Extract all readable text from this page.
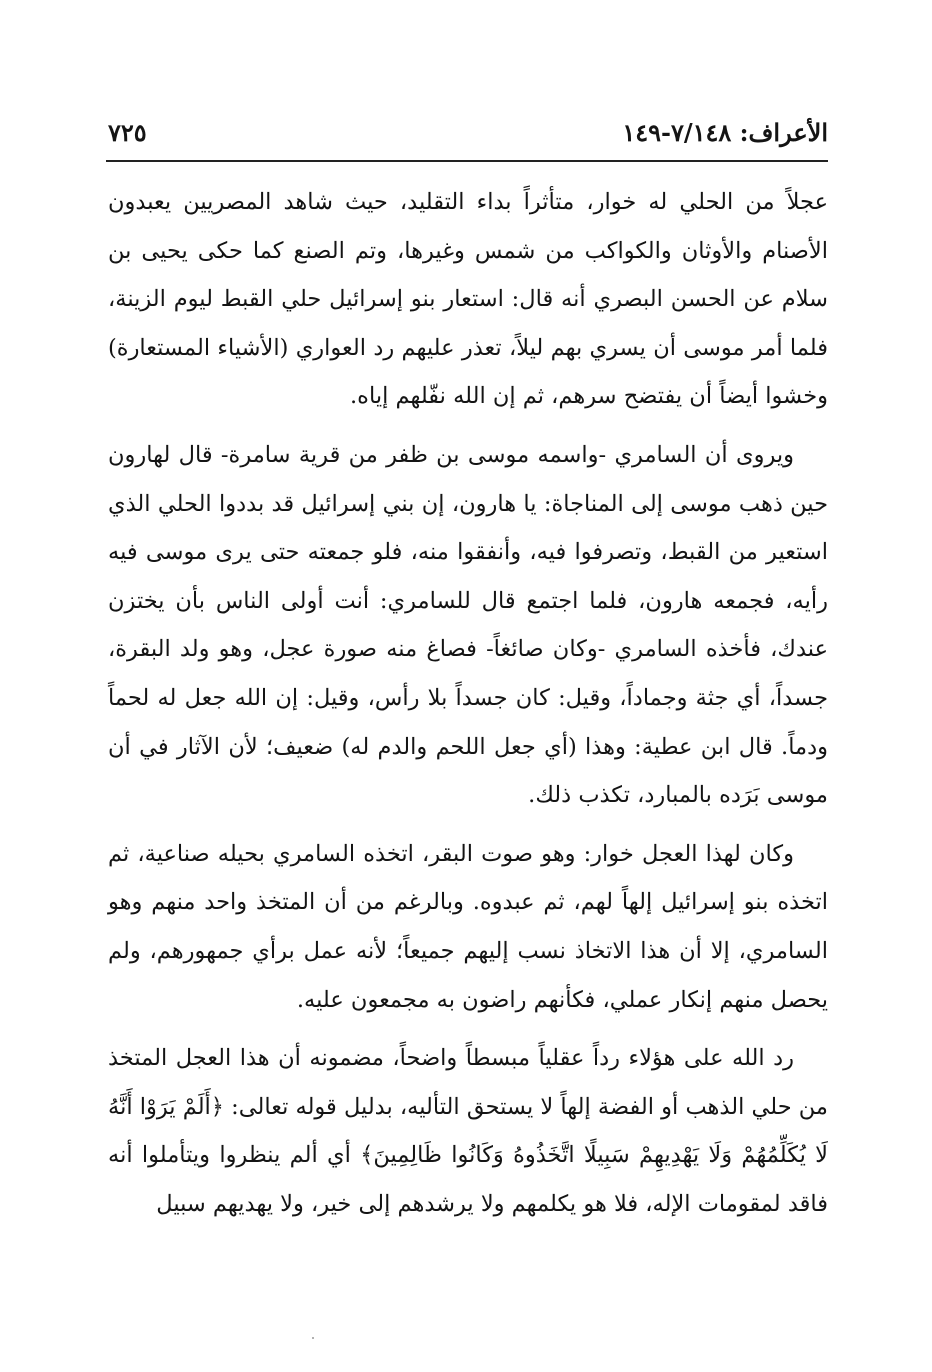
الأعراف: ٧/١٤٨-١٤٩
٧٢٥

عجلاً من الحلي له خوار، متأثراً بداء التقليد، حيث شاهد المصريين يعبدون الأصنام والأوثان والكواكب من شمس وغيرها، وتم الصنع كما حكى يحيى بن سلام عن الحسن البصري أنه قال: استعار بنو إسرائيل حلي القبط ليوم الزينة، فلما أمر موسى أن يسري بهم ليلاً، تعذر عليهم رد العواري (الأشياء المستعارة) وخشوا أيضاً أن يفتضح سرهم، ثم إن الله نفّلهم إياه.

ويروى أن السامري -واسمه موسى بن ظفر من قرية سامرة- قال لهارون حين ذهب موسى إلى المناجاة: يا هارون، إن بني إسرائيل قد بددوا الحلي الذي استعير من القبط، وتصرفوا فيه، وأنفقوا منه، فلو جمعته حتى يرى موسى فيه رأيه، فجمعه هارون، فلما اجتمع قال للسامري: أنت أولى الناس بأن يختزن عندك، فأخذه السامري -وكان صائغاً- فصاغ منه صورة عجل، وهو ولد البقرة، جسداً، أي جثة وجماداً، وقيل: كان جسداً بلا رأس، وقيل: إن الله جعل له لحماً ودماً. قال ابن عطية: وهذا (أي جعل اللحم والدم له) ضعيف؛ لأن الآثار في أن موسى بَرَده بالمبارد، تكذب ذلك.

وكان لهذا العجل خوار: وهو صوت البقر، اتخذه السامري بحيله صناعية، ثم اتخذه بنو إسرائيل إلهاً لهم، ثم عبدوه. وبالرغم من أن المتخذ واحد منهم وهو السامري، إلا أن هذا الاتخاذ نسب إليهم جميعاً؛ لأنه عمل برأي جمهورهم، ولم يحصل منهم إنكار عملي، فكأنهم راضون به مجمعون عليه.

رد الله على هؤلاء رداً عقلياً مبسطاً واضحاً، مضمونه أن هذا العجل المتخذ من حلي الذهب أو الفضة إلهاً لا يستحق التأليه، بدليل قوله تعالى: ﴿أَلَمْ يَرَوْا أَنَّهُ لَا يُكَلِّمُهُمْ وَلَا يَهْدِيهِمْ سَبِيلًا اتَّخَذُوهُ وَكَانُوا ظَالِمِينَ﴾ أي ألم ينظروا ويتأملوا أنه فاقد لمقومات الإله، فلا هو يكلمهم ولا يرشدهم إلى خير، ولا يهديهم سبيل
